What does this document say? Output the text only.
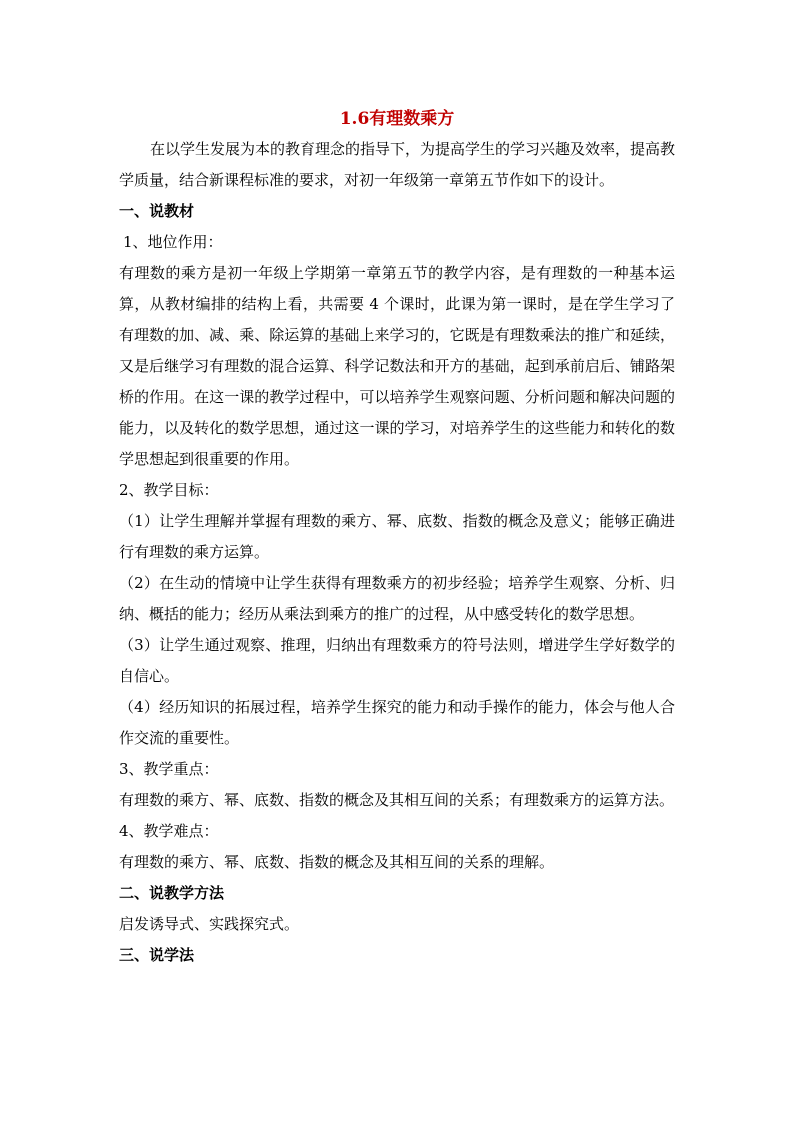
1.6有理数乘方

在以学生发展为本的教育理念的指导下，为提高学生的学习兴趣及效率，提高教学质量，结合新课程标准的要求，对初一年级第一章第五节作如下的设计。

一、说教材

1、地位作用：

有理数的乘方是初一年级上学期第一章第五节的教学内容，是有理数的一种基本运算，从教材编排的结构上看，共需要 4 个课时，此课为第一课时，是在学生学习了有理数的加、减、乘、除运算的基础上来学习的，它既是有理数乘法的推广和延续，又是后继学习有理数的混合运算、科学记数法和开方的基础，起到承前启后、铺路架桥的作用。在这一课的教学过程中，可以培养学生观察问题、分析问题和解决问题的能力，以及转化的数学思想，通过这一课的学习，对培养学生的这些能力和转化的数学思想起到很重要的作用。

2、教学目标：

（1）让学生理解并掌握有理数的乘方、幂、底数、指数的概念及意义；能够正确进行有理数的乘方运算。

（2）在生动的情境中让学生获得有理数乘方的初步经验；培养学生观察、分析、归纳、概括的能力；经历从乘法到乘方的推广的过程，从中感受转化的数学思想。

（3）让学生通过观察、推理，归纳出有理数乘方的符号法则，增进学生学好数学的自信心。

（4）经历知识的拓展过程，培养学生探究的能力和动手操作的能力，体会与他人合作交流的重要性。

3、教学重点：

有理数的乘方、幂、底数、指数的概念及其相互间的关系；有理数乘方的运算方法。

4、教学难点：

有理数的乘方、幂、底数、指数的概念及其相互间的关系的理解。

二、说教学方法

启发诱导式、实践探究式。

三、说学法
